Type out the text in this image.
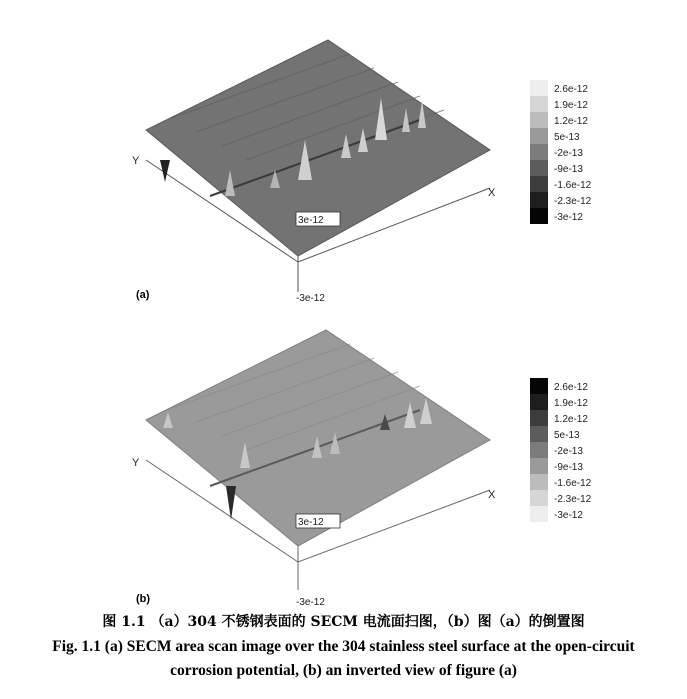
3e-12
-3e-12
Y
X
(a)
2.6e-12
1.9e-12
1.2e-12
5e-13
-2e-13
-9e-13
-1.6e-12
-2.3e-12
-3e-12
3e-12
-3e-12
Y
X
(b)
2.6e-12
1.9e-12
1.2e-12
5e-13
-2e-13
-9e-13
-1.6e-12
-2.3e-12
-3e-12
图 1.1 （a）304 不锈钢表面的 SECM 电流面扫图，（b）图（a）的倒置图
Fig. 1.1 (a) SECM area scan image over the 304 stainless steel surface at the open-circuit
corrosion potential, (b) an inverted view of figure (a)
